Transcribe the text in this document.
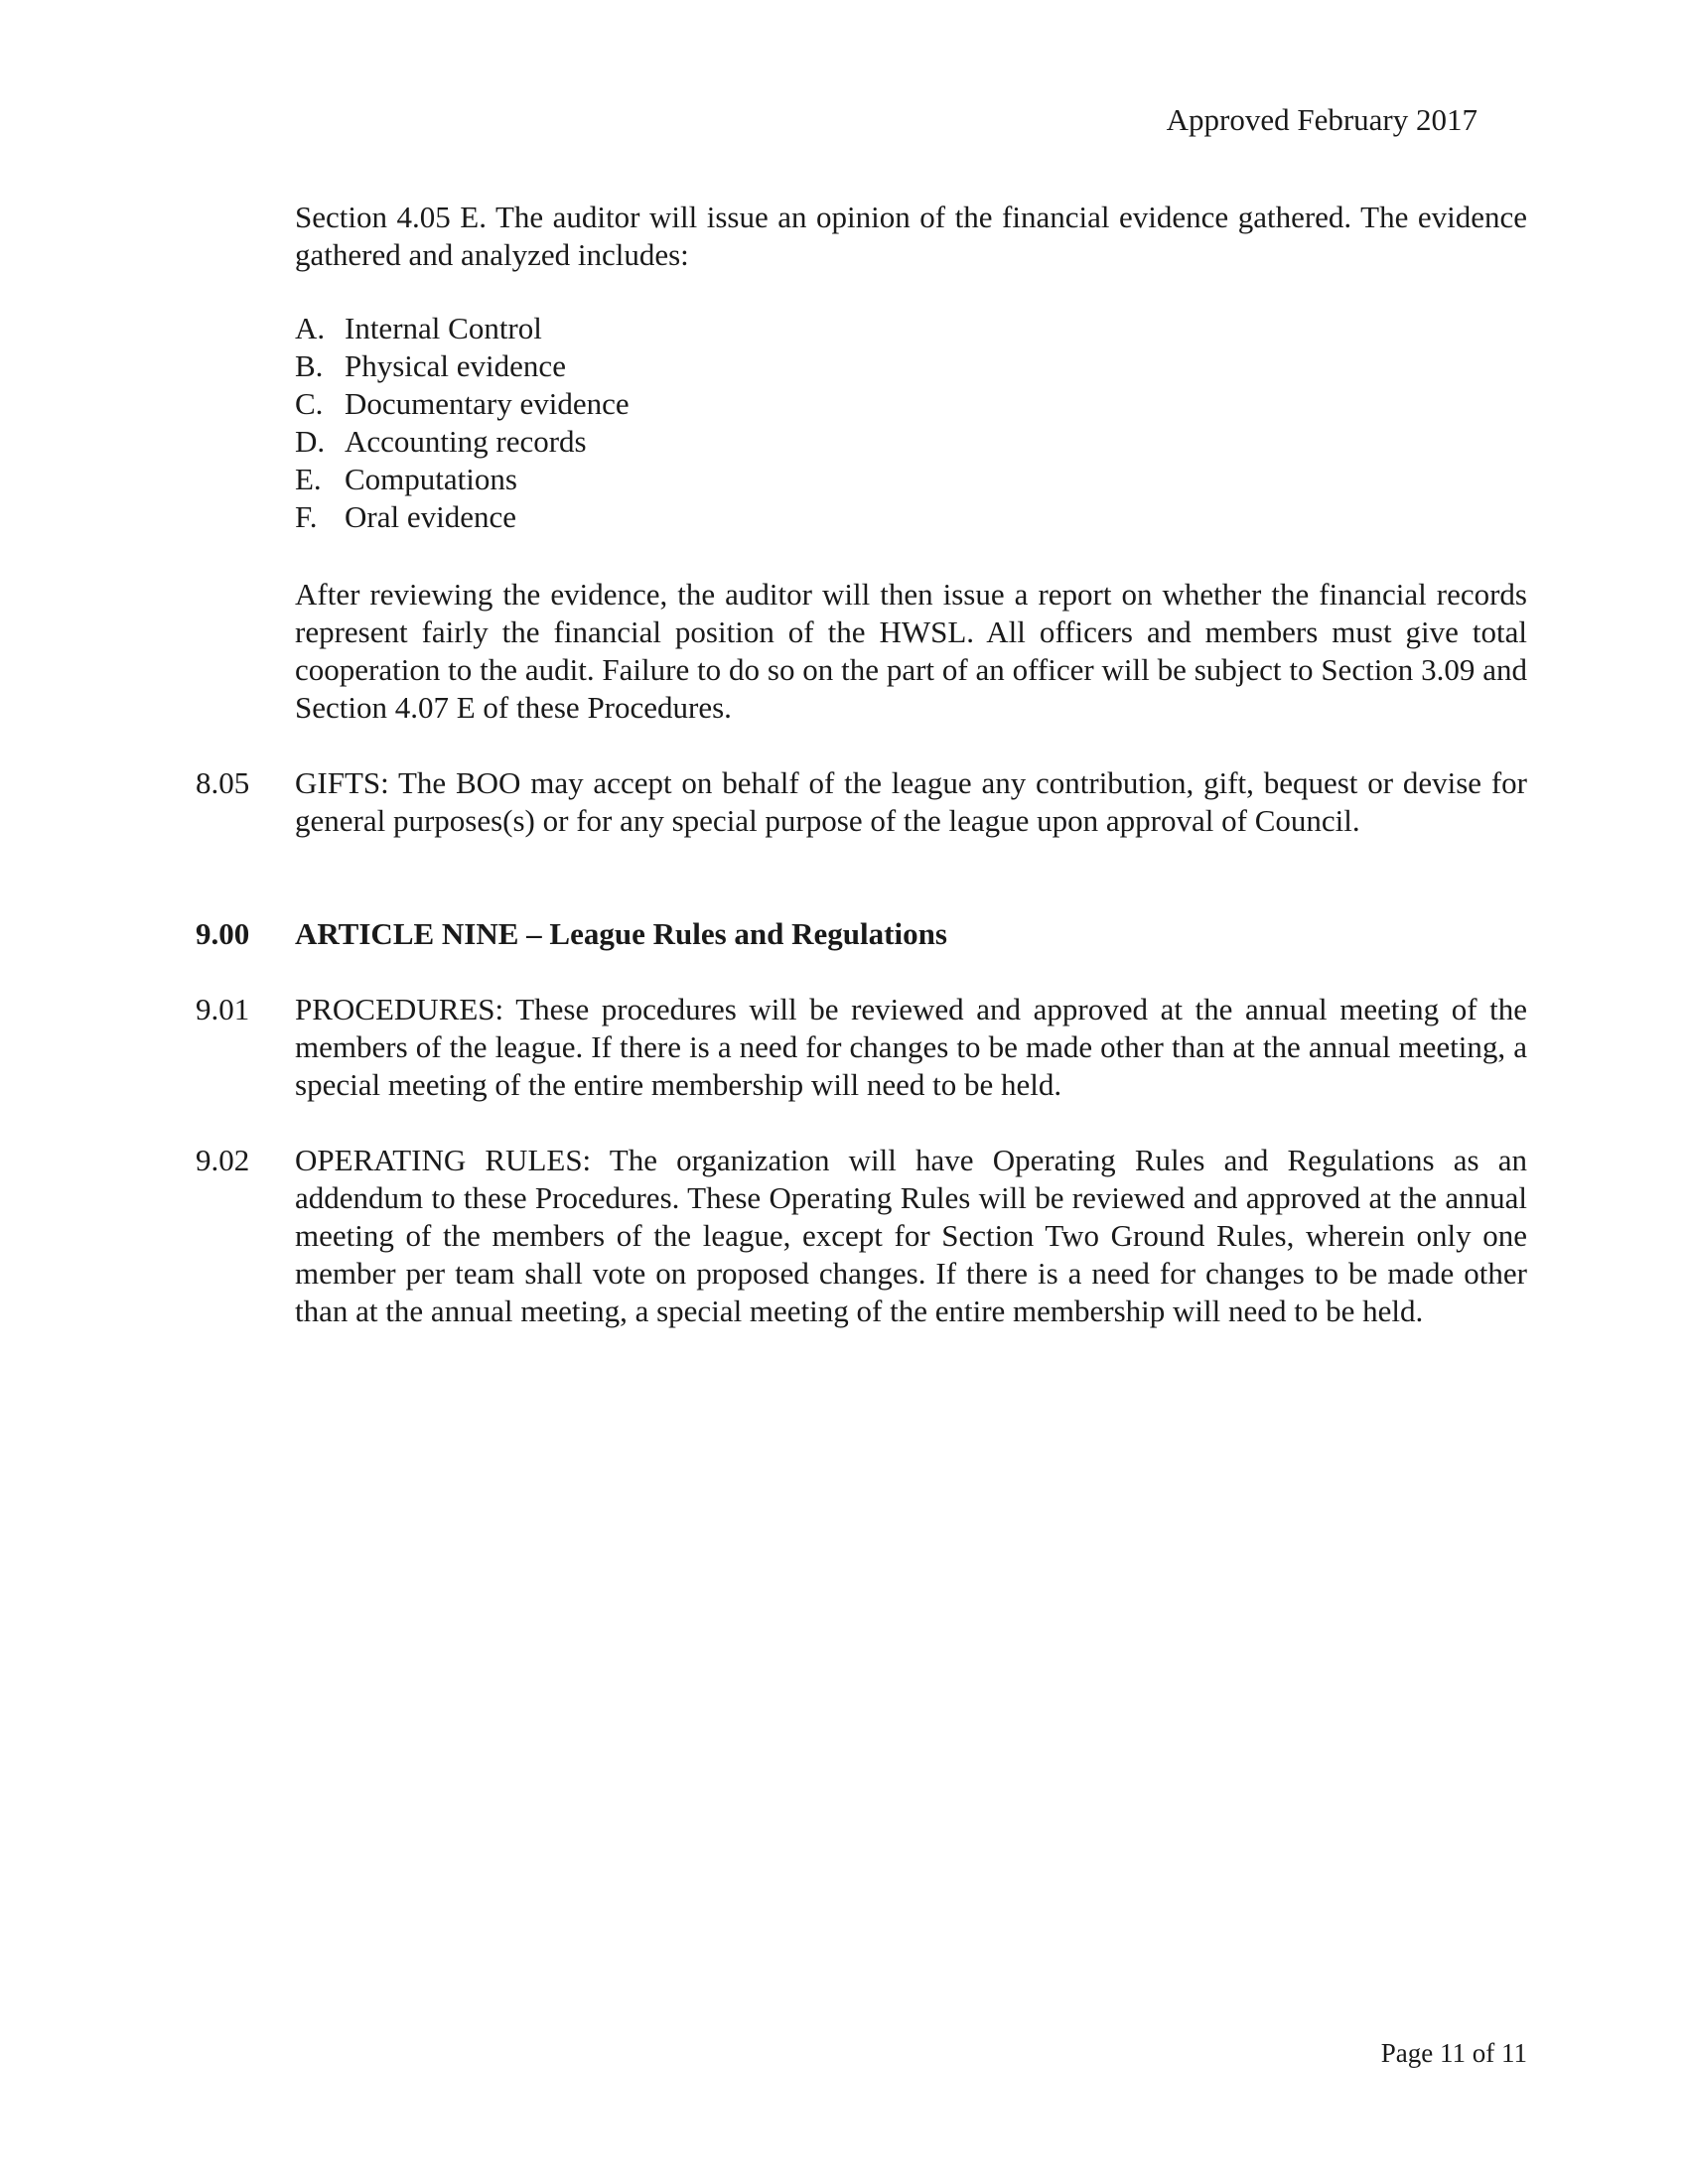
Approved February 2017

Section 4.05 E. The auditor will issue an opinion of the financial evidence gathered. The evidence gathered and analyzed includes:

A. Internal Control
B. Physical evidence
C. Documentary evidence
D. Accounting records
E. Computations
F. Oral evidence

After reviewing the evidence, the auditor will then issue a report on whether the financial records represent fairly the financial position of the HWSL. All officers and members must give total cooperation to the audit. Failure to do so on the part of an officer will be subject to Section 3.09 and Section 4.07 E of these Procedures.

8.05	GIFTS: The BOO may accept on behalf of the league any contribution, gift, bequest or devise for general purposes(s) or for any special purpose of the league upon approval of Council.
9.00	ARTICLE NINE – League Rules and Regulations
9.01	PROCEDURES: These procedures will be reviewed and approved at the annual meeting of the members of the league. If there is a need for changes to be made other than at the annual meeting, a special meeting of the entire membership will need to be held.
9.02	OPERATING RULES: The organization will have Operating Rules and Regulations as an addendum to these Procedures. These Operating Rules will be reviewed and approved at the annual meeting of the members of the league, except for Section Two Ground Rules, wherein only one member per team shall vote on proposed changes. If there is a need for changes to be made other than at the annual meeting, a special meeting of the entire membership will need to be held.
Page 11 of 11
